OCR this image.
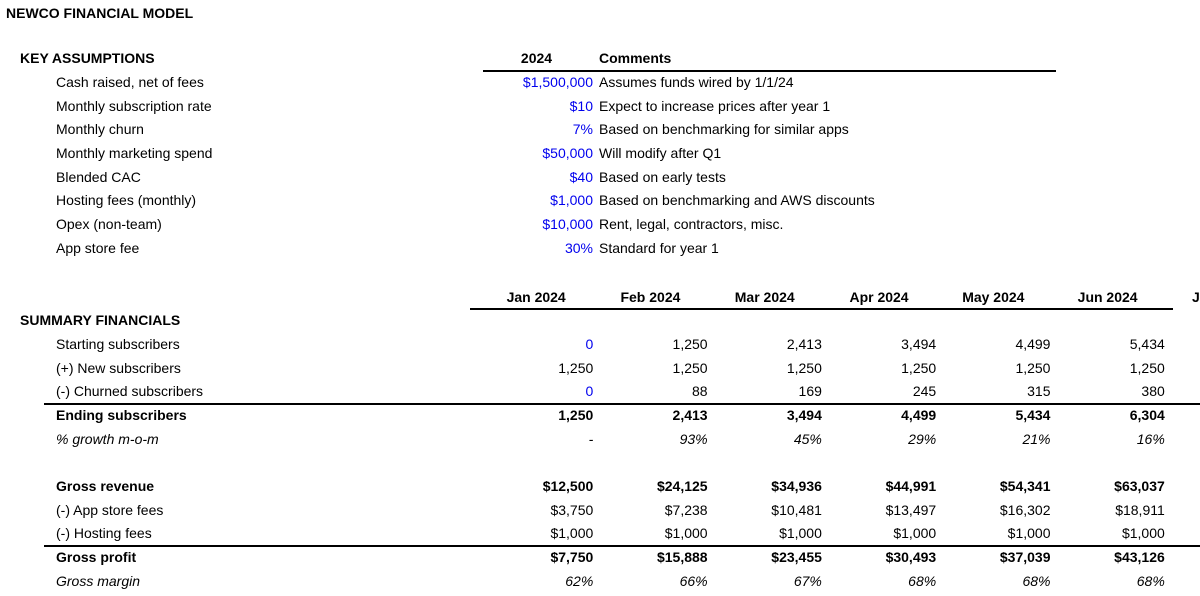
NEWCO FINANCIAL MODEL
KEY ASSUMPTIONS	2024	Comments
Cash raised, net of fees	$1,500,000 Assumes funds wired by 1/1/24
Monthly subscription rate	$10 Expect to increase prices after year 1
Monthly churn	7% Based on benchmarking for similar apps
Monthly marketing spend	$50,000 Will modify after Q1
Blended CAC	$40 Based on early tests
Hosting fees (monthly)	$1,000 Based on benchmarking and AWS discounts
Opex (non-team)	$10,000 Rent, legal, contractors, misc.
App store fee	30% Standard for year 1
Jan 2024	Feb 2024	Mar 2024	Apr 2024	May 2024	Jun 2024
SUMMARY FINANCIALS
Starting subscribers	0	1,250	2,413	3,494	4,499	5,434
(+) New subscribers	1,250	1,250	1,250	1,250	1,250	1,250
(-) Churned subscribers	0	88	169	245	315	380
Ending subscribers	1,250	2,413	3,494	4,499	5,434	6,304
% growth m-o-m	-	93%	45%	29%	21%	16%
Gross revenue	$12,500	$24,125	$34,936	$44,991	$54,341	$63,037
(-) App store fees	$3,750	$7,238	$10,481	$13,497	$16,302	$18,911
(-) Hosting fees	$1,000	$1,000	$1,000	$1,000	$1,000	$1,000
Gross profit	$7,750	$15,888	$23,455	$30,493	$37,039	$43,126
Gross margin	62%	66%	67%	68%	68%	68%
J
